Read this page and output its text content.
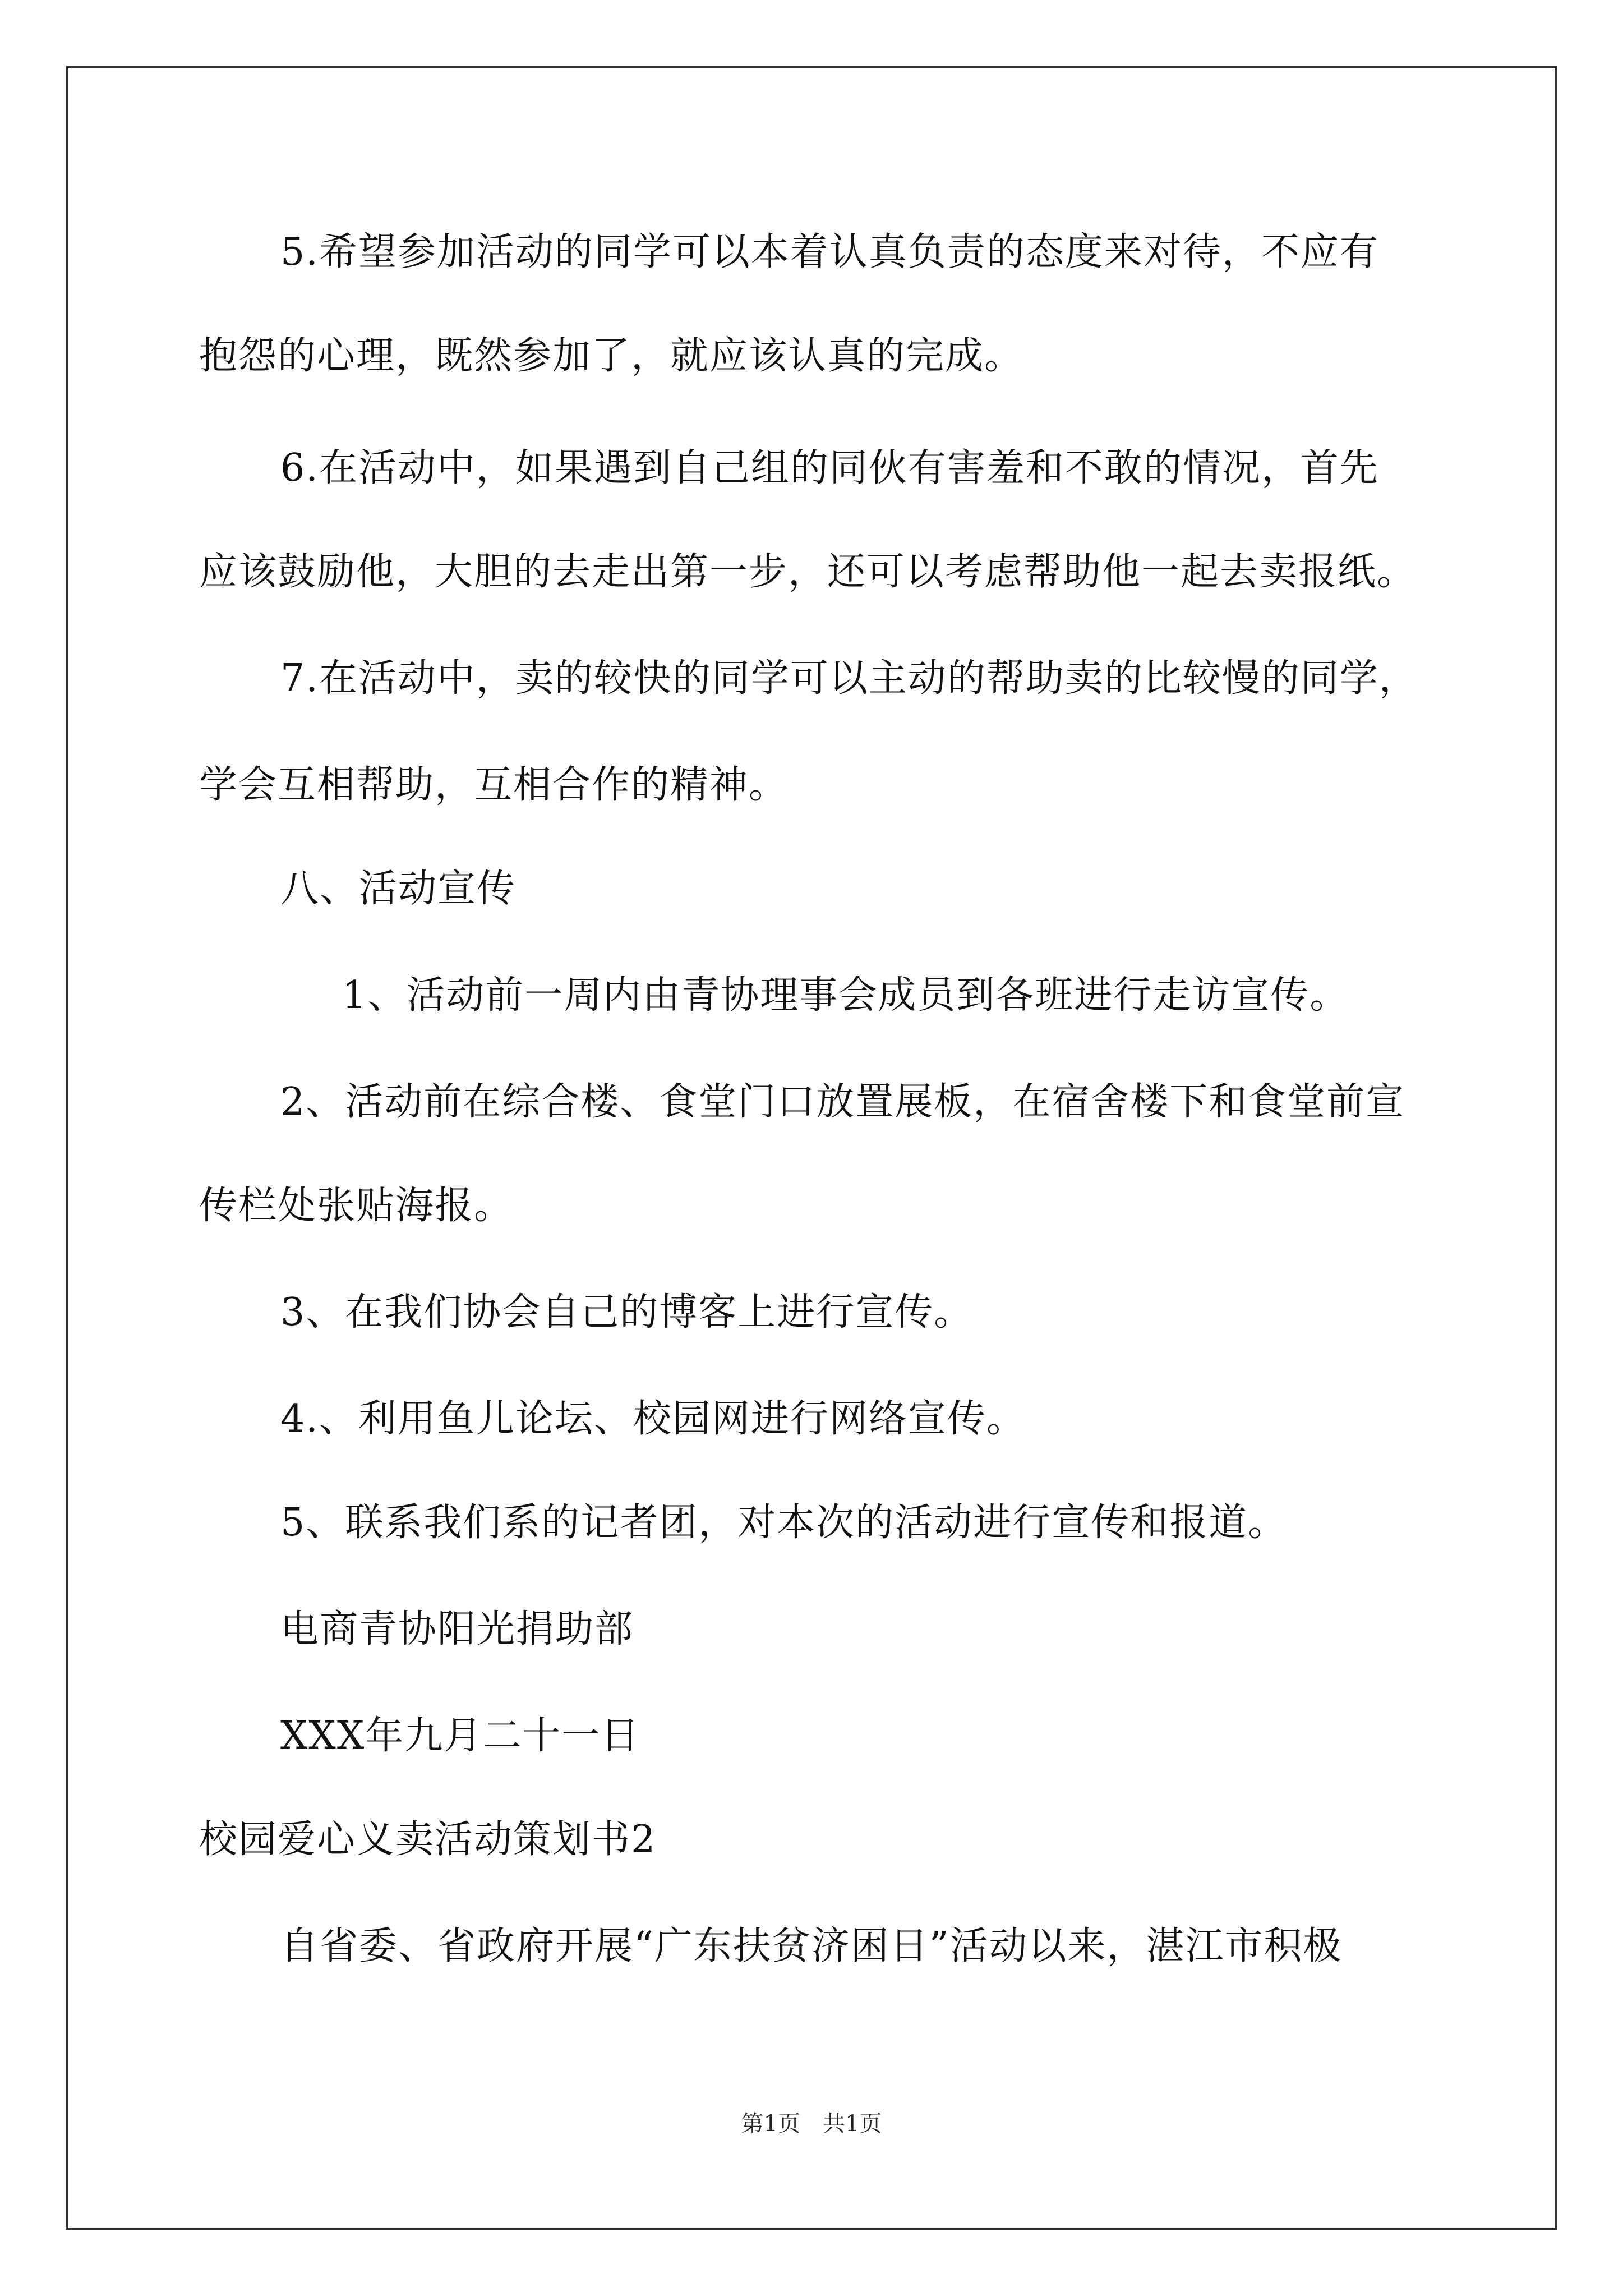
5.希望参加活动的同学可以本着认真负责的态度来对待，不应有
抱怨的心理，既然参加了，就应该认真的完成。
6.在活动中，如果遇到自己组的同伙有害羞和不敢的情况，首先
应该鼓励他，大胆的去走出第一步，还可以考虑帮助他一起去卖报纸。
7.在活动中，卖的较快的同学可以主动的帮助卖的比较慢的同学，
学会互相帮助，互相合作的精神。
八、活动宣传
1、活动前一周内由青协理事会成员到各班进行走访宣传。
2、活动前在综合楼、食堂门口放置展板，在宿舍楼下和食堂前宣
传栏处张贴海报。
3、在我们协会自己的博客上进行宣传。
4.、利用鱼儿论坛、校园网进行网络宣传。
5、联系我们系的记者团，对本次的活动进行宣传和报道。
电商青协阳光捐助部
XXX年九月二十一日
校园爱心义卖活动策划书2
自省委、省政府开展“广东扶贫济困日”活动以来，湛江市积极
第1页　共1页
